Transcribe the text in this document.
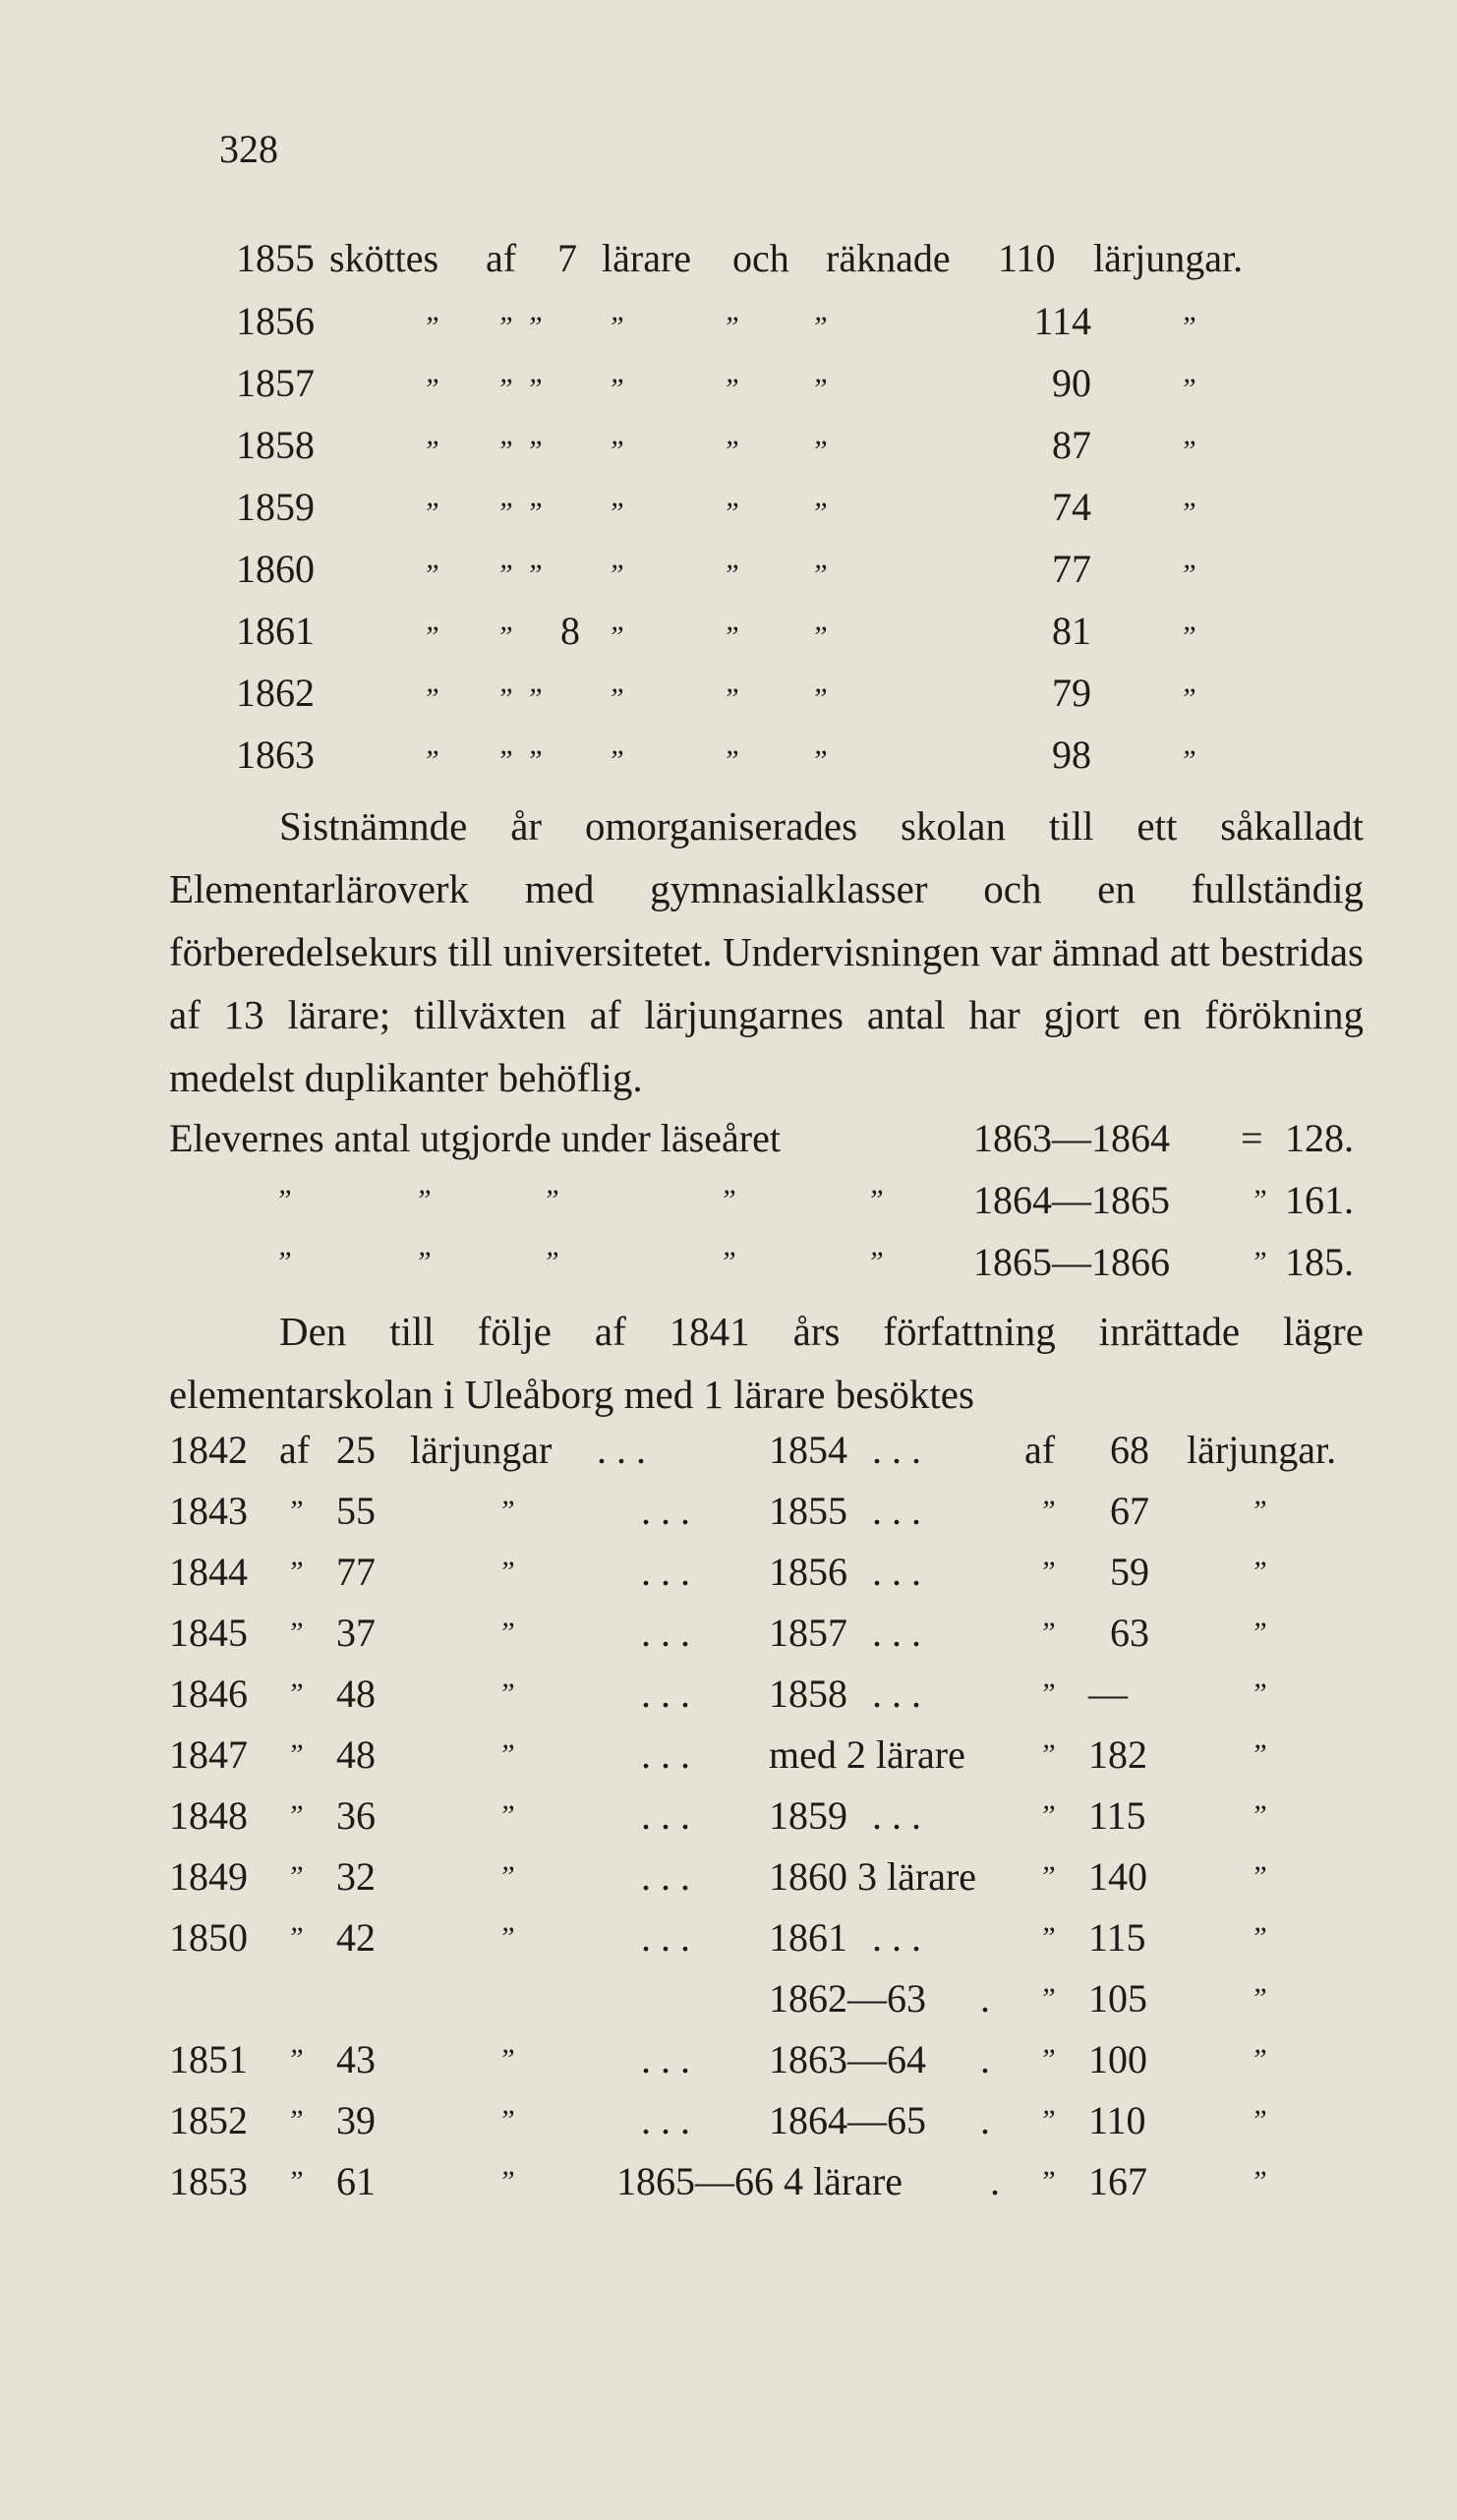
328
1855 sköttes af 7 lärare och räknade 110 lärjungar.
1856	” ” ” ”	” ”	114	”
1857	” ” ” ”	” ”	90	”
1858	” ” ” ”	” ”	87	”
1859	” ” ” ”	” ”	74	”
1860	” ” ” ”	” ”	77	”
1861	” ” 8 ”	” ”	81	”
1862	” ” ” ”	” ”	79	”
1863	” ” ” ”	” ”	98	”
Sistnämnde år omorganiserades skolan till ett såkalladt Elementarläroverk med gymnasialklasser och en fullständig förberedelsekurs till universitetet. Undervisningen var ämnad att bestridas af 13 lärare; tillväxten af lärjungarnes antal har gjort en förökning medelst duplikanter behöflig.
Elevernes antal utgjorde under läseåret	1863—1864 = 128.
”	”	”	”	” 1864—1865	” 161.
”	”	”	”	” 1865—1866	” 185.
Den till följe af 1841 års författning inrättade lägre elementarskolan i Uleåborg med 1 lärare besöktes
1842 af 25 lärjungar . . .	1854 . . .	af 68 lärjungar.
1843 ” 55	”	. . . 1855 . . .	” 67	”
1844 ” 77	”	. . . 1856 . . .	” 59	”
1845 ” 37	”	. . . 1857 . . .	” 63	”
1846 ” 48	”	. . . 1858 . . .	” —	”
1847 ” 48	”	. . . med 2 lärare	” 182	”
1848 ” 36	”	. . . 1859 . . .	” 115	”
1849 ” 32	”	. . . 1860 3 lärare ” 140	”
1850 ” 42	”	. . . 1861 . . .	” 115	”
1862—63 . ” 105	”
1851 ” 43	”	. . . 1863—64 . ” 100	”
1852 ” 39	”	. . . 1864—65 . ” 110	”
1853 ” 61	”	1865—66 4 lärare . ” 167	”
